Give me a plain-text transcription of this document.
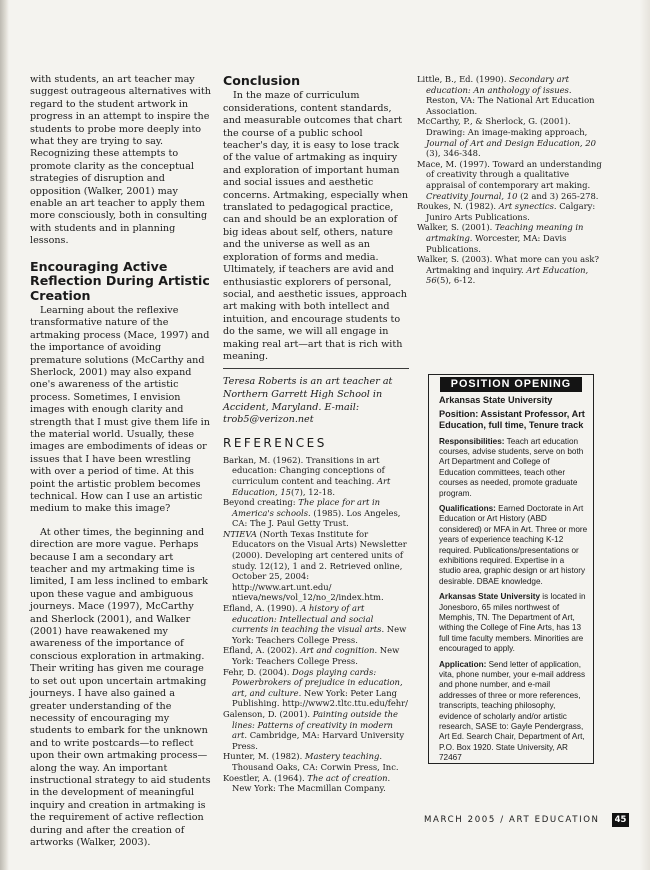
with students, an art teacher may suggest outrageous alternatives with regard to the student artwork in progress in an attempt to inspire the students to probe more deeply into what they are trying to say. Recognizing these attempts to promote clarity as the conceptual strategies of disruption and opposition (Walker, 2001) may enable an art teacher to apply them more consciously, both in consulting with students and in planning lessons.

Encouraging Active Reflection During Artistic Creation

Learning about the reflexive transformative nature of the artmaking process (Mace, 1997) and the importance of avoiding premature solutions (McCarthy and Sherlock, 2001) may also expand one's awareness of the artistic process. Sometimes, I envision images with enough clarity and strength that I must give them life in the material world. Usually, these images are embodiments of ideas or issues that I have been wrestling with over a period of time. At this point the artistic problem becomes technical. How can I use an artistic medium to make this image?

At other times, the beginning and direction are more vague. Perhaps because I am a secondary art teacher and my artmaking time is limited, I am less inclined to embark upon these vague and ambiguous journeys. Mace (1997), McCarthy and Sherlock (2001), and Walker (2001) have reawakened my awareness of the importance of conscious exploration in artmaking. Their writing has given me courage to set out upon uncertain artmaking journeys. I have also gained a greater understanding of the necessity of encouraging my students to embark for the unknown and to write postcards—to reflect upon their own artmaking process—along the way. An important instructional strategy to aid students in the development of meaningful inquiry and creation in artmaking is the requirement of active reflection during and after the creation of artworks (Walker, 2003).

Conclusion

In the maze of curriculum considerations, content standards, and measurable outcomes that chart the course of a public school teacher's day, it is easy to lose track of the value of artmaking as inquiry and exploration of important human and social issues and aesthetic concerns. Artmaking, especially when translated to pedagogical practice, can and should be an exploration of big ideas about self, others, nature and the universe as well as an exploration of forms and media. Ultimately, if teachers are avid and enthusiastic explorers of personal, social, and aesthetic issues, approach art making with both intellect and intuition, and encourage students to do the same, we will all engage in making real art—art that is rich with meaning.

Teresa Roberts is an art teacher at Northern Garrett High School in Accident, Maryland. E-mail: trob5@verizon.net

REFERENCES

Barkan, M. (1962). Transitions in art education: Changing conceptions of curriculum content and teaching. Art Education, 15(7), 12-18.

Beyond creating: The place for art in America's schools. (1985). Los Angeles, CA: The J. Paul Getty Trust.

NTIEVA (North Texas Institute for Educators on the Visual Arts) Newsletter (2000). Developing art centered units of study. 12(12), 1 and 2. Retrieved online, October 25, 2004: http://www.art.unt.edu/ ntieva/news/vol_12/no_2/index.htm.

Efland, A. (1990). A history of art education: Intellectual and social currents in teaching the visual arts. New York: Teachers College Press.

Efland, A. (2002). Art and cognition. New York: Teachers College Press.

Fehr, D. (2004). Dogs playing cards: Powerbrokers of prejudice in education, art, and culture. New York: Peter Lang Publishing. http://www2.tltc.ttu.edu/fehr/

Galenson, D. (2001). Painting outside the lines: Patterns of creativity in modern art. Cambridge, MA: Harvard University Press.

Hunter, M. (1982). Mastery teaching. Thousand Oaks, CA: Corwin Press, Inc.

Koestler, A. (1964). The act of creation. New York: The Macmillan Company.

Little, B., Ed. (1990). Secondary art education: An anthology of issues. Reston, VA: The National Art Education Association.

McCarthy, P., & Sherlock, G. (2001). Drawing: An image-making approach, Journal of Art and Design Education, 20 (3), 346-348.

Mace, M. (1997). Toward an understanding of creativity through a qualitative appraisal of contemporary art making. Creativity Journal, 10 (2 and 3) 265-278.

Roukes, N. (1982). Art synectics. Calgary: Juniro Arts Publications.

Walker, S. (2001). Teaching meaning in artmaking. Worcester, MA: Davis Publications.

Walker, S. (2003). What more can you ask? Artmaking and inquiry. Art Education, 56(5), 6-12.

POSITION OPENING
Arkansas State University
Position: Assistant Professor, Art Education, full time, Tenure track
Responsibilities: Teach art education courses, advise students, serve on both Art Department and College of Education committees, teach other courses as needed, promote graduate program.
Qualifications: Earned Doctorate in Art Education or Art History (ABD considered) or MFA in Art. Three or more years of experience teaching K-12 required. Publications/presentations or exhibitions required. Expertise in a studio area, graphic design or art history desirable. DBAE knowledge.
Arkansas State University is located in Jonesboro, 65 miles northwest of Memphis, TN. The Department of Art, withing the College of Fine Arts, has 13 full time faculty members. Minorities are encouraged to apply.
Application: Send letter of application, vita, phone number, your e-mail address and phone number, and e-mail addresses of three or more references, transcripts, teaching philosophy, evidence of scholarly and/or artistic research, SASE to: Gayle Pendergrass, Art Ed. Search Chair, Department of Art, P.O. Box 1920. State University, AR 72467
MARCH 2005 / ART EDUCATION	45
